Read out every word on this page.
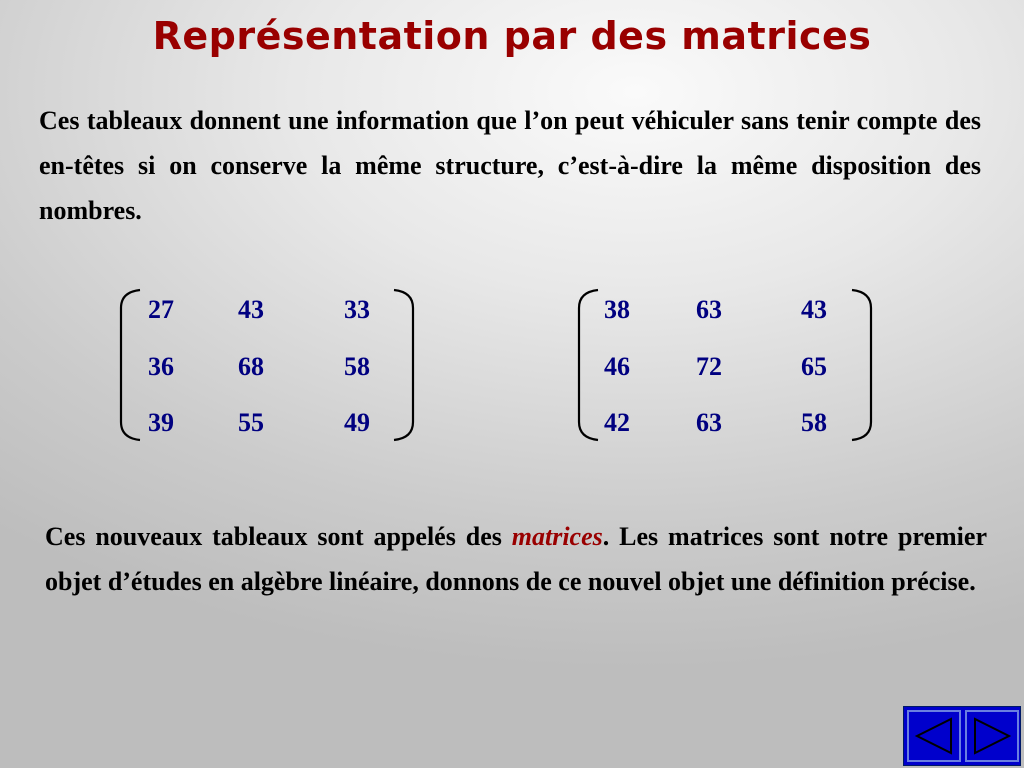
Représentation par des matrices
Ces tableaux donnent une information que l’on peut véhiculer sans tenir compte des en-têtes si on conserve la même structure, c’est-à-dire la même disposition des nombres.
27 43	33
36 68	58
39 55	49
38	63	43
46	72	65
42	63	58
Ces nouveaux tableaux sont appelés des matrices. Les matrices sont notre premier objet d’études en algèbre linéaire, donnons de ce nouvel objet une définition précise.
